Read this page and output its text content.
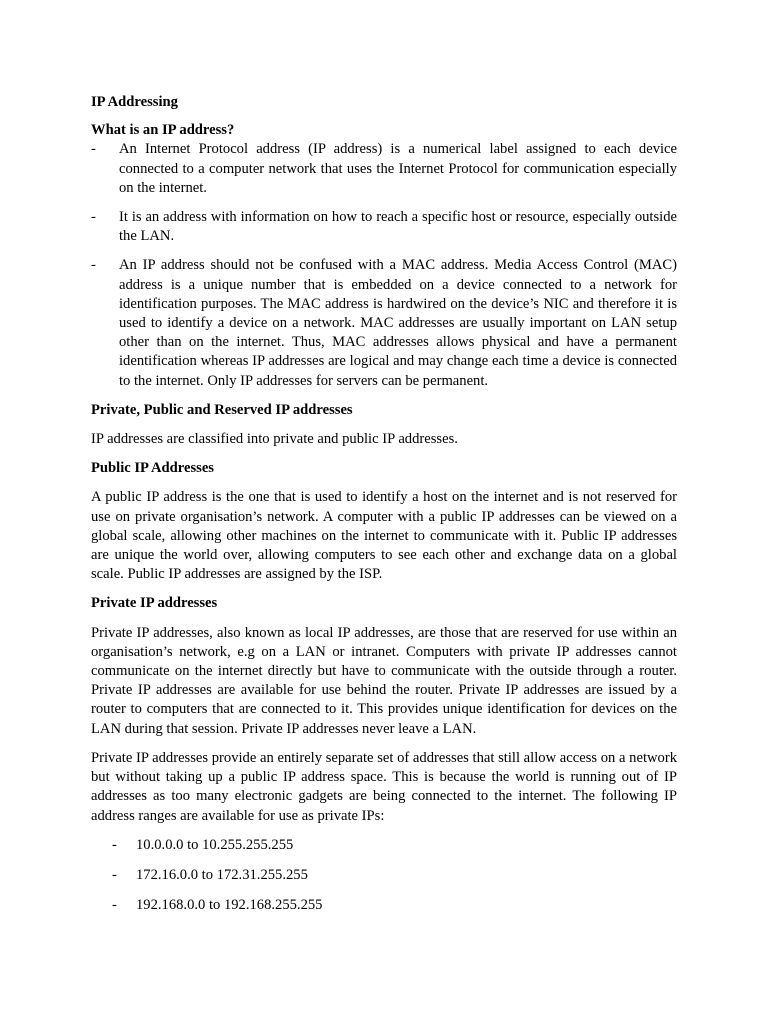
IP Addressing

What is an IP address?

- An Internet Protocol address (IP address) is a numerical label assigned to each device connected to a computer network that uses the Internet Protocol for communication especially on the internet.
- It is an address with information on how to reach a specific host or resource, especially outside the LAN.
- An IP address should not be confused with a MAC address. Media Access Control (MAC) address is a unique number that is embedded on a device connected to a network for identification purposes. The MAC address is hardwired on the device’s NIC and therefore it is used to identify a device on a network. MAC addresses are usually important on LAN setup other than on the internet. Thus, MAC addresses allows physical and have a permanent identification whereas IP addresses are logical and may change each time a device is connected to the internet. Only IP addresses for servers can be permanent.

Private, Public and Reserved IP addresses

IP addresses are classified into private and public IP addresses.

Public IP Addresses

A public IP address is the one that is used to identify a host on the internet and is not reserved for use on private organisation’s network. A computer with a public IP addresses can be viewed on a global scale, allowing other machines on the internet to communicate with it. Public IP addresses are unique the world over, allowing computers to see each other and exchange data on a global scale. Public IP addresses are assigned by the ISP.

Private IP addresses

Private IP addresses, also known as local IP addresses, are those that are reserved for use within an organisation’s network, e.g on a LAN or intranet. Computers with private IP addresses cannot communicate on the internet directly but have to communicate with the outside through a router. Private IP addresses are available for use behind the router. Private IP addresses are issued by a router to computers that are connected to it. This provides unique identification for devices on the LAN during that session. Private IP addresses never leave a LAN.

Private IP addresses provide an entirely separate set of addresses that still allow access on a network but without taking up a public IP address space. This is because the world is running out of IP addresses as too many electronic gadgets are being connected to the internet. The following IP address ranges are available for use as private IPs:

- 10.0.0.0 to 10.255.255.255
- 172.16.0.0 to 172.31.255.255
- 192.168.0.0 to 192.168.255.255
